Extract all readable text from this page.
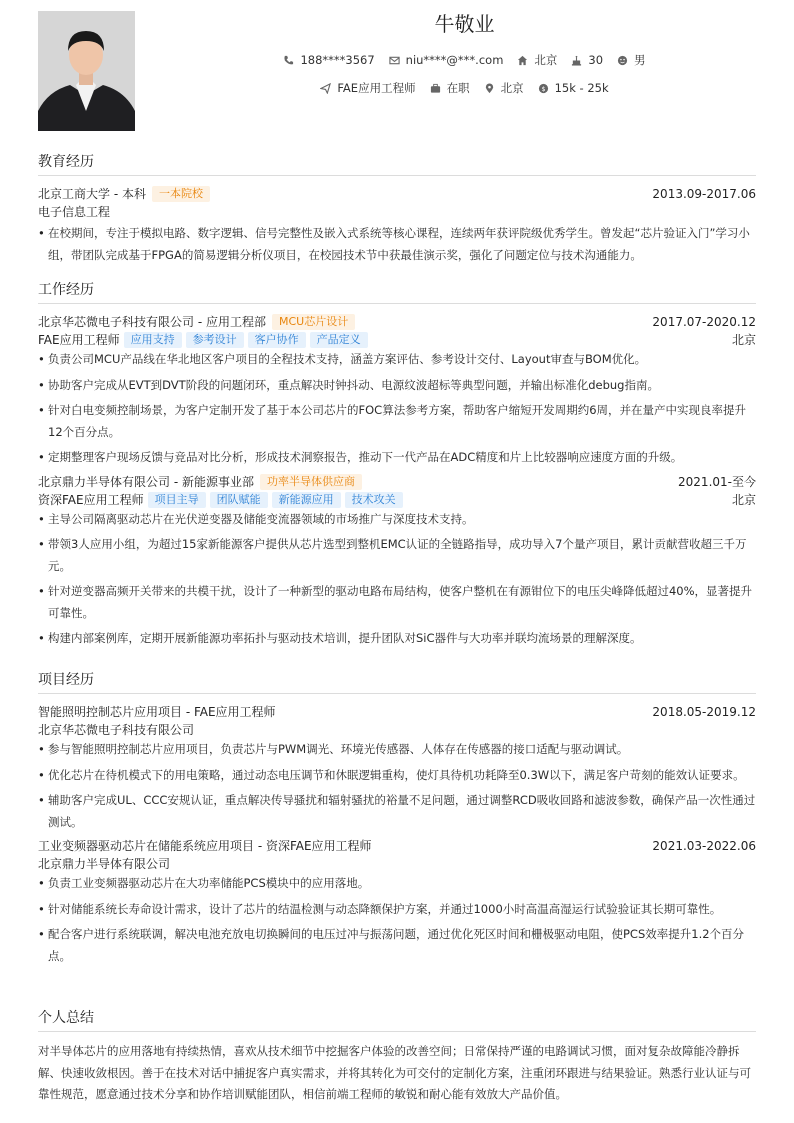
牛敬业
188****3567	niu****@***.com	北京	30	男
FAE应用工程师	在职	北京 $ 15k - 25k
教育经历
北京工商大学 - 本科	一本院校	2013.09-2017.06
电子信息工程
• 在校期间，专注于模拟电路、数字逻辑、信号完整性及嵌入式系统等核心课程，连续两年获评院级优秀学生。曾发起“芯片验证入门”学习小组，带团队完成基于FPGA的简易逻辑分析仪项目，在校园技术节中获最佳演示奖，强化了问题定位与技术沟通能力。
工作经历
北京华芯微电子科技有限公司 - 应用工程部	MCU芯片设计	2017.07-2020.12
FAE应用工程师	应用支持	参考设计	客户协作	产品定义	北京
• 负责公司MCU产品线在华北地区客户项目的全程技术支持，涵盖方案评估、参考设计交付、Layout审查与BOM优化。
• 协助客户完成从EVT到DVT阶段的问题闭环，重点解决时钟抖动、电源纹波超标等典型问题，并输出标准化debug指南。
• 针对白电变频控制场景，为客户定制开发了基于本公司芯片的FOC算法参考方案，帮助客户缩短开发周期约6周，并在量产中实现良率提升12个百分点。
• 定期整理客户现场反馈与竞品对比分析，形成技术洞察报告，推动下一代产品在ADC精度和片上比较器响应速度方面的升级。
北京鼎力半导体有限公司 - 新能源事业部	功率半导体供应商	2021.01-至今
资深FAE应用工程师	项目主导	团队赋能	新能源应用	技术攻关	北京
• 主导公司隔离驱动芯片在光伏逆变器及储能变流器领域的市场推广与深度技术支持。
• 带领3人应用小组，为超过15家新能源客户提供从芯片选型到整机EMC认证的全链路指导，成功导入7个量产项目，累计贡献营收超三千万元。
• 针对逆变器高频开关带来的共模干扰，设计了一种新型的驱动电路布局结构，使客户整机在有源钳位下的电压尖峰降低超过40%，显著提升可靠性。
• 构建内部案例库，定期开展新能源功率拓扑与驱动技术培训，提升团队对SiC器件与大功率并联均流场景的理解深度。
项目经历
智能照明控制芯片应用项目 - FAE应用工程师	2018.05-2019.12
北京华芯微电子科技有限公司
• 参与智能照明控制芯片应用项目，负责芯片与PWM调光、环境光传感器、人体存在传感器的接口适配与驱动调试。
• 优化芯片在待机模式下的用电策略，通过动态电压调节和休眠逻辑重构，使灯具待机功耗降至0.3W以下，满足客户苛刻的能效认证要求。
• 辅助客户完成UL、CCC安规认证，重点解决传导骚扰和辐射骚扰的裕量不足问题，通过调整RCD吸收回路和滤波参数，确保产品一次性通过测试。
工业变频器驱动芯片在储能系统应用项目 - 资深FAE应用工程师	2021.03-2022.06
北京鼎力半导体有限公司
• 负责工业变频器驱动芯片在大功率储能PCS模块中的应用落地。
• 针对储能系统长寿命设计需求，设计了芯片的结温检测与动态降额保护方案，并通过1000小时高温高湿运行试验验证其长期可靠性。
• 配合客户进行系统联调，解决电池充放电切换瞬间的电压过冲与振荡问题，通过优化死区时间和栅极驱动电阻，使PCS效率提升1.2个百分点。
个人总结
对半导体芯片的应用落地有持续热情，喜欢从技术细节中挖掘客户体验的改善空间；日常保持严谨的电路调试习惯，面对复杂故障能冷静拆解、快速收敛根因。善于在技术对话中捕捉客户真实需求，并将其转化为可交付的定制化方案，注重闭环跟进与结果验证。熟悉行业认证与可靠性规范，愿意通过技术分享和协作培训赋能团队，相信前端工程师的敏锐和耐心能有效放大产品价值。
